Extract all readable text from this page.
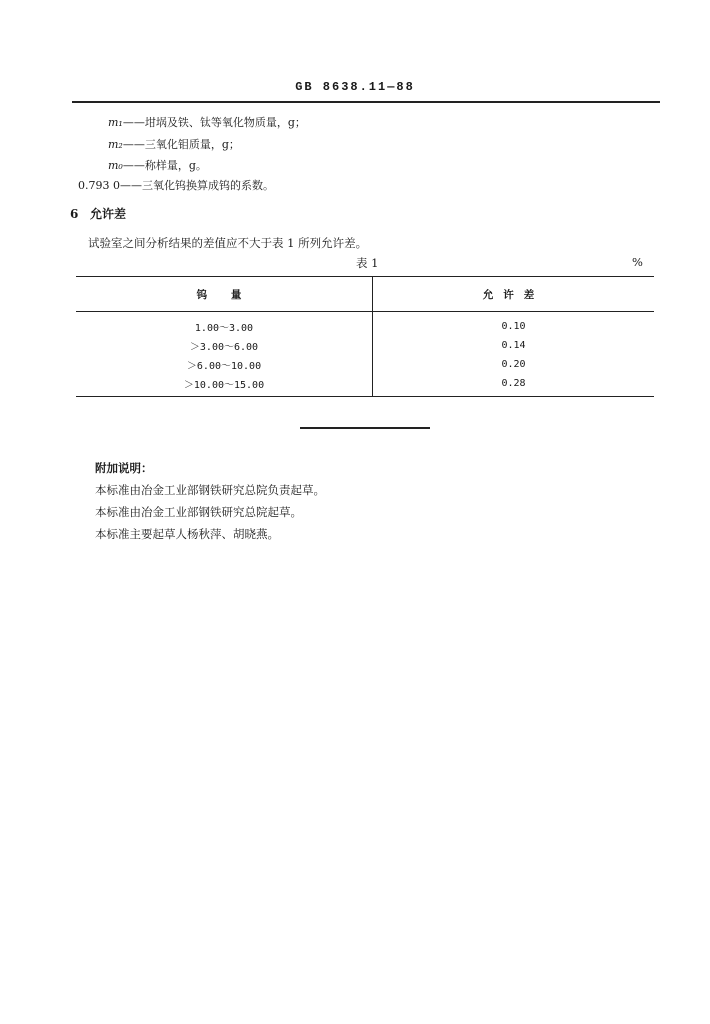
GB 8638.11—88
m₁——坩埚及铁、钛等氧化物质量，g；
m₂——三氧化钼质量，g；
m₀——称样量，g。
0.793 0——三氧化钨换算成钨的系数。
6 允许差
试验室之间分析结果的差值应不大于表 1 所列允许差。
表 1	%
钨 量	允许差
1.00～3.00	0.10
＞3.00～6.00	0.14
＞6.00～10.00	0.20
＞10.00～15.00	0.28
附加说明：
本标准由冶金工业部钢铁研究总院负责起草。
本标准由冶金工业部钢铁研究总院起草。
本标准主要起草人杨秋萍、胡晓燕。
